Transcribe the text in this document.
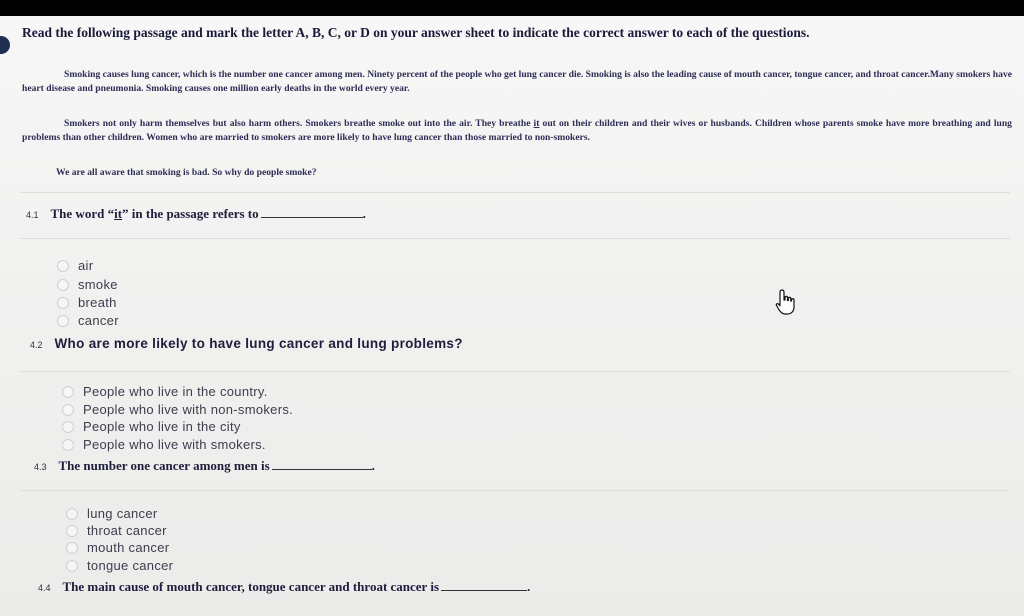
Read the following passage and mark the letter A, B, C, or D on your answer sheet to indicate the correct answer to each of the questions.

Smoking causes lung cancer, which is the number one cancer among men. Ninety percent of the people who get lung cancer die. Smoking is also the leading cause of mouth cancer, tongue cancer, and throat cancer.Many smokers have heart disease and pneumonia. Smoking causes one million early deaths in the world every year.

Smokers not only harm themselves but also harm others. Smokers breathe smoke out into the air. They breathe it out on their children and their wives or husbands. Children whose parents smoke have more breathing and lung problems than other children. Women who are married to smokers are more likely to have lung cancer than those married to non-smokers.

We are all aware that smoking is bad. So why do people smoke?

4.1 The word “it” in the passage refers to	.
air
smoke
breath
cancer
4.2 Who are more likely to have lung cancer and lung problems?
People who live in the country.
People who live with non-smokers.
People who live in the city
People who live with smokers.
4.3 The number one cancer among men is	.
lung cancer
throat cancer
mouth cancer
tongue cancer
4.4 The main cause of mouth cancer, tongue cancer and throat cancer is	.
